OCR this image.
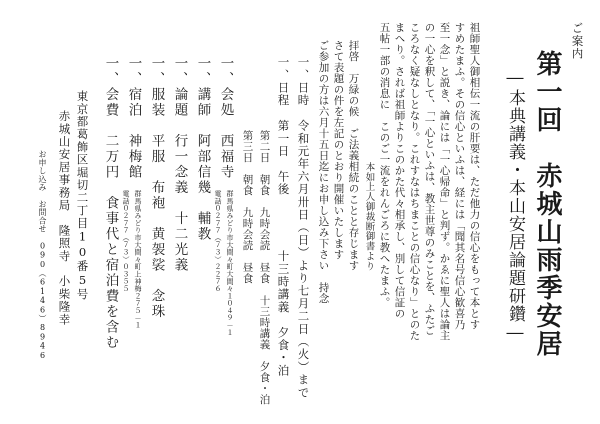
ご案内
第一回　赤城山雨季安居
―本典講義・本山安居論題研鑽―
祖師聖人御相伝一流の肝要は、ただ他力の信心をもって本とす
すめたまふ。その信心といふは、経には「聞其名号信心歓喜乃
至一念」と説き、論には「一心帰命」と判ず。かゑに聖人は論主
の一心を釈して、「一心といふは、教主世尊のみことを、ふたご
ころなく疑なしとなり。これすなはちまことの信心なり」とのた
まへり。されば祖師よりこのかた代々相承し、別して信証の
五帖一部の消息に　このご一流をれんごろに教へたまふ。
本如上人御裁断御書より
拝啓　万緑の候　ご法義相続のことと存じます
さて表題の件を左記のとおり開催いたします
ご参加の方は六月十五日迄にお申し込み下さい　持念
一、日時　令和元年六月卅日（日）より七月二日（火）まで
一、日程　第一日　午後
十三時講義　夕食・泊
第二日　朝食　九時会読　昼食　十三時講義　夕食・泊
第三日　朝食　九時会読　昼食
一、会処　西福寺
群馬県みどり市大間々町大間々１０４９－１
電話０２７７（７３）２２７６
一、講師　阿部信幾　輔教
一、論題　行一念義　十二光義
一、服装　平服　布袍　黄袈裟　念珠
一、宿泊　神梅館
群馬県みどり市大間々町上神梅２７５－１
電話０２７７（７３）０３５５
一、会費　二万円　食事代と宿泊費を含む
東京都葛飾区堀切二丁目10番5号
赤城山安居事務局　隆照寺　小柴隆幸
お申し込み　お問合せ　090（6146）8946
